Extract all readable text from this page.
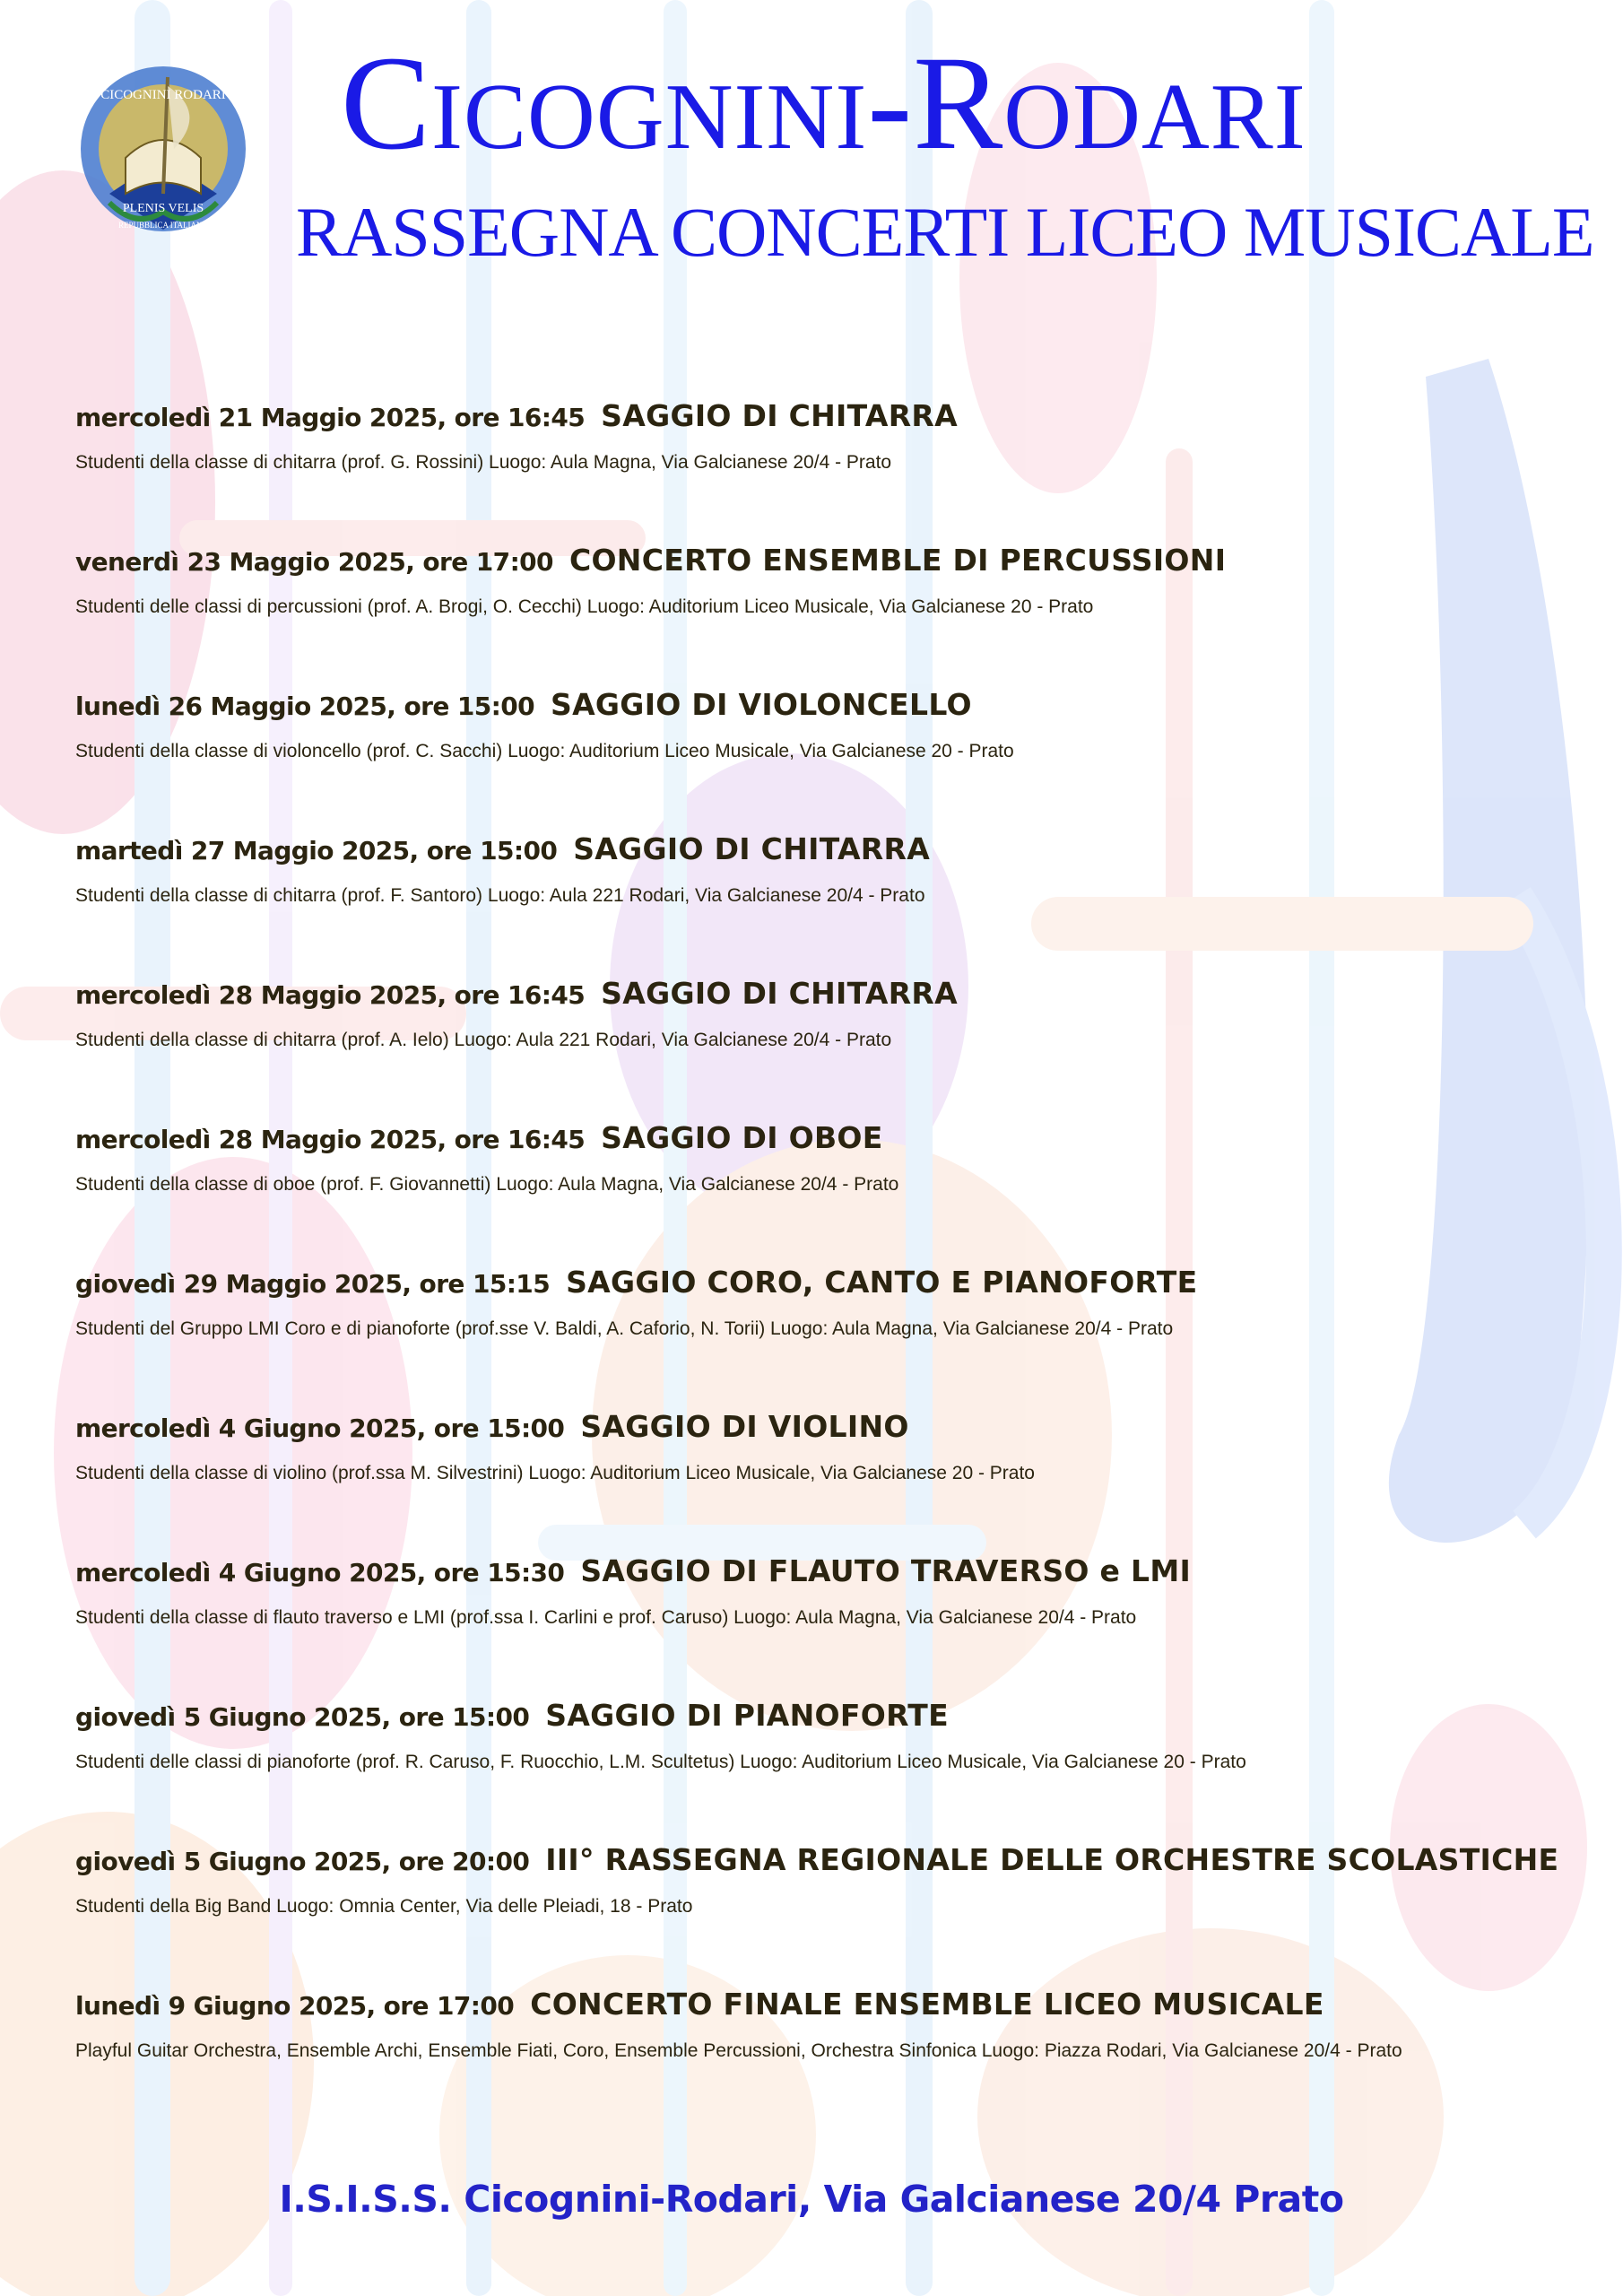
CICOGNINI RODARI
PLENIS VELIS
REPUBBLICA ITALIANA
Cicognini-Rodari
RASSEGNA CONCERTI LICEO MUSICALE
mercoledì 21 Maggio 2025, ore 16:45 SAGGIO DI CHITARRA
Studenti della classe di chitarra (prof. G. Rossini) Luogo: Aula Magna, Via Galcianese 20/4 - Prato
venerdì 23 Maggio 2025, ore 17:00 CONCERTO ENSEMBLE DI PERCUSSIONI
Studenti delle classi di percussioni (prof. A. Brogi, O. Cecchi) Luogo: Auditorium Liceo Musicale, Via Galcianese 20 - Prato
lunedì 26 Maggio 2025, ore 15:00 SAGGIO DI VIOLONCELLO
Studenti della classe di violoncello (prof. C. Sacchi) Luogo: Auditorium Liceo Musicale, Via Galcianese 20 - Prato
martedì 27 Maggio 2025, ore 15:00 SAGGIO DI CHITARRA
Studenti della classe di chitarra (prof. F. Santoro) Luogo: Aula 221 Rodari, Via Galcianese 20/4 - Prato
mercoledì 28 Maggio 2025, ore 16:45 SAGGIO DI CHITARRA
Studenti della classe di chitarra (prof. A. Ielo) Luogo: Aula 221 Rodari, Via Galcianese 20/4 - Prato
mercoledì 28 Maggio 2025, ore 16:45 SAGGIO DI OBOE
Studenti della classe di oboe (prof. F. Giovannetti) Luogo: Aula Magna, Via Galcianese 20/4 - Prato
giovedì 29 Maggio 2025, ore 15:15 SAGGIO CORO, CANTO E PIANOFORTE
Studenti del Gruppo LMI Coro e di pianoforte (prof.sse V. Baldi, A. Caforio, N. Torii) Luogo: Aula Magna, Via Galcianese 20/4 - Prato
mercoledì 4 Giugno 2025, ore 15:00 SAGGIO DI VIOLINO
Studenti della classe di violino (prof.ssa M. Silvestrini) Luogo: Auditorium Liceo Musicale, Via Galcianese 20 - Prato
mercoledì 4 Giugno 2025, ore 15:30 SAGGIO DI FLAUTO TRAVERSO e LMI
Studenti della classe di flauto traverso e LMI (prof.ssa I. Carlini e prof. Caruso) Luogo: Aula Magna, Via Galcianese 20/4 - Prato
giovedì 5 Giugno 2025, ore 15:00 SAGGIO DI PIANOFORTE
Studenti delle classi di pianoforte (prof. R. Caruso, F. Ruocchio, L.M. Scultetus) Luogo: Auditorium Liceo Musicale, Via Galcianese 20 - Prato
giovedì 5 Giugno 2025, ore 20:00 III° RASSEGNA REGIONALE DELLE ORCHESTRE SCOLASTICHE
Studenti della Big Band Luogo: Omnia Center, Via delle Pleiadi, 18 - Prato
lunedì 9 Giugno 2025, ore 17:00 CONCERTO FINALE ENSEMBLE LICEO MUSICALE
Playful Guitar Orchestra, Ensemble Archi, Ensemble Fiati, Coro, Ensemble Percussioni, Orchestra Sinfonica Luogo: Piazza Rodari, Via Galcianese 20/4 - Prato
I.S.I.S.S. Cicognini-Rodari, Via Galcianese 20/4 Prato
